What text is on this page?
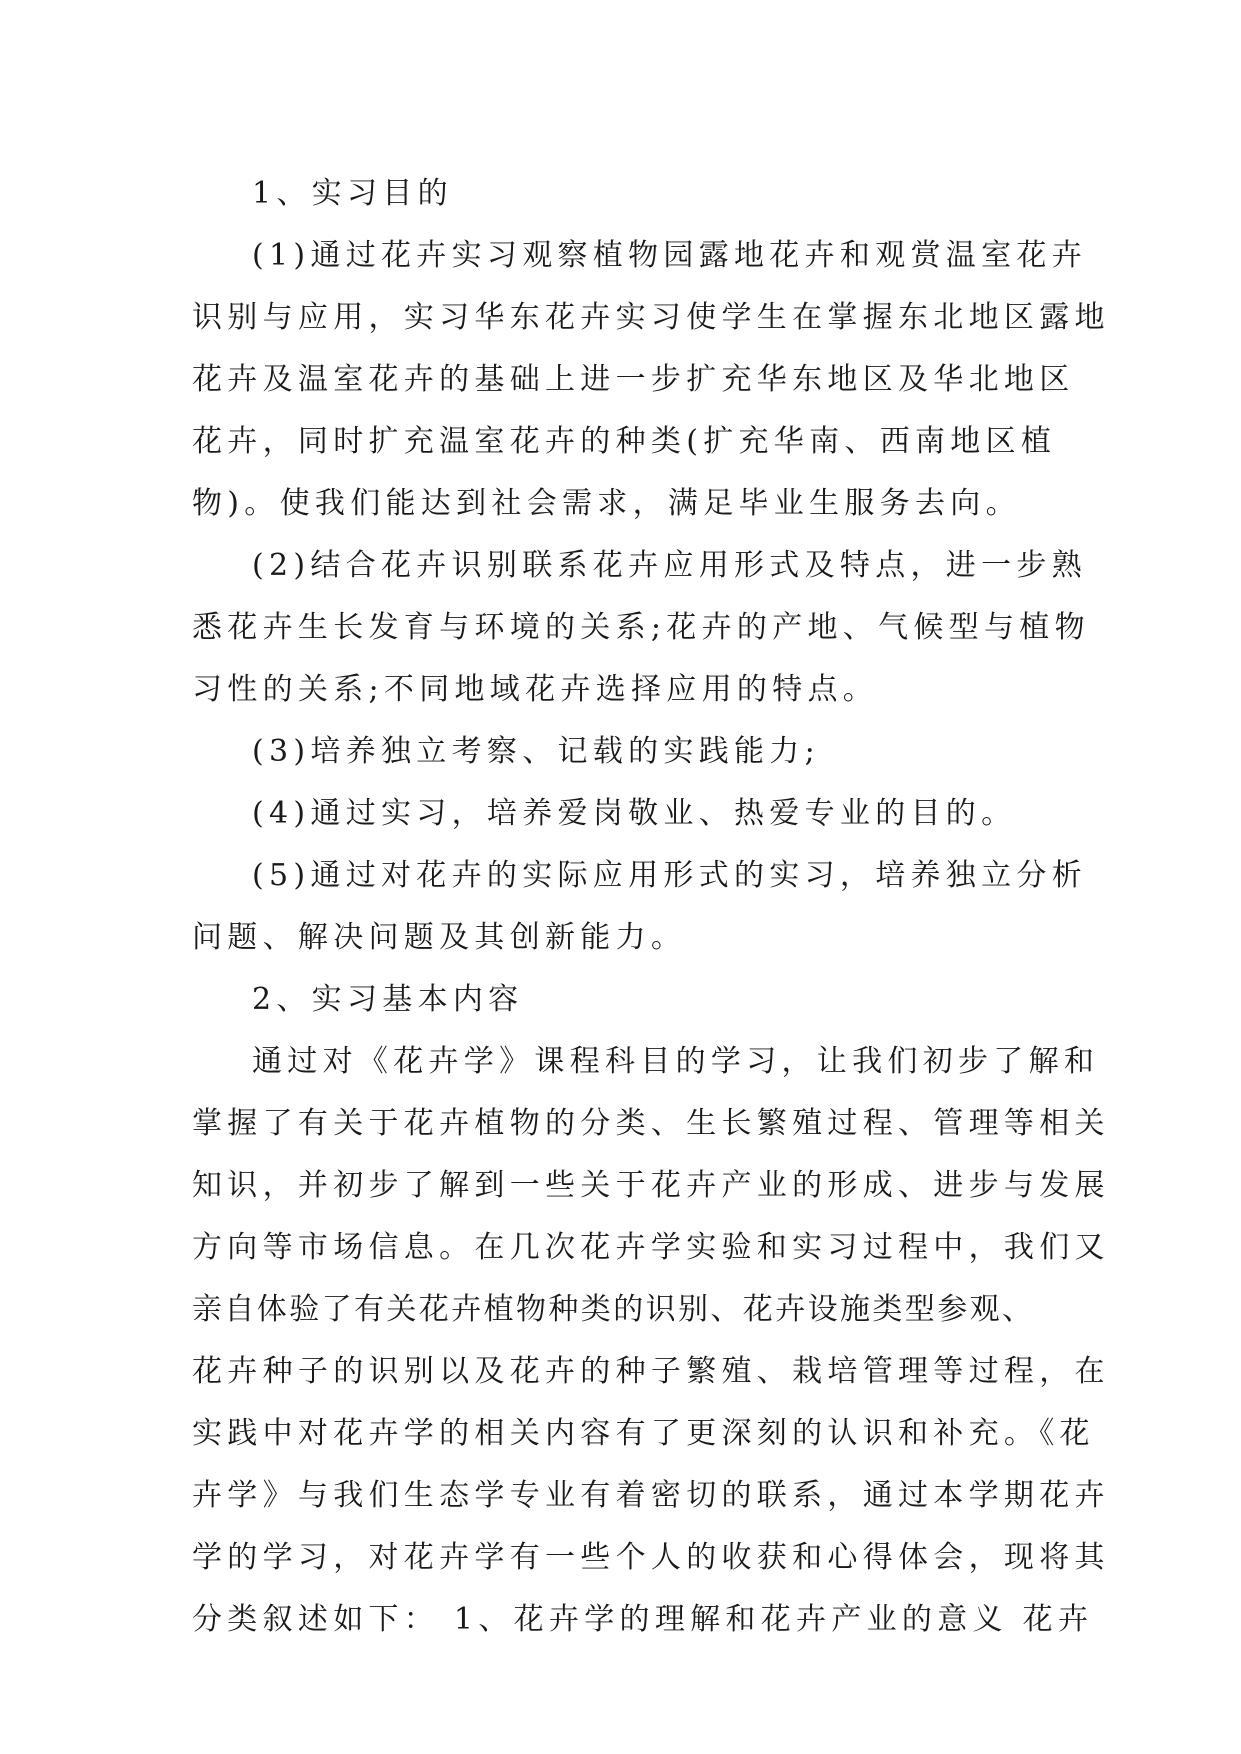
1、实习目的
(1)通过花卉实习观察植物园露地花卉和观赏温室花卉
识别与应用，实习华东花卉实习使学生在掌握东北地区露地
花卉及温室花卉的基础上进一步扩充华东地区及华北地区
花卉，同时扩充温室花卉的种类(扩充华南、西南地区植
物)。使我们能达到社会需求，满足毕业生服务去向。
(2)结合花卉识别联系花卉应用形式及特点，进一步熟
悉花卉生长发育与环境的关系;花卉的产地、气候型与植物
习性的关系;不同地域花卉选择应用的特点。
(3)培养独立考察、记载的实践能力;
(4)通过实习，培养爱岗敬业、热爱专业的目的。
(5)通过对花卉的实际应用形式的实习，培养独立分析
问题、解决问题及其创新能力。
2、实习基本内容
通过对《花卉学》课程科目的学习，让我们初步了解和
掌握了有关于花卉植物的分类、生长繁殖过程、管理等相关
知识，并初步了解到一些关于花卉产业的形成、进步与发展
方向等市场信息。在几次花卉学实验和实习过程中，我们又
亲自体验了有关花卉植物种类的识别、花卉设施类型参观、
花卉种子的识别以及花卉的种子繁殖、栽培管理等过程，在
实践中对花卉学的相关内容有了更深刻的认识和补充。《花
卉学》与我们生态学专业有着密切的联系，通过本学期花卉
学的学习，对花卉学有一些个人的收获和心得体会，现将其
分类叙述如下： 1、花卉学的理解和花卉产业的意义 花卉
